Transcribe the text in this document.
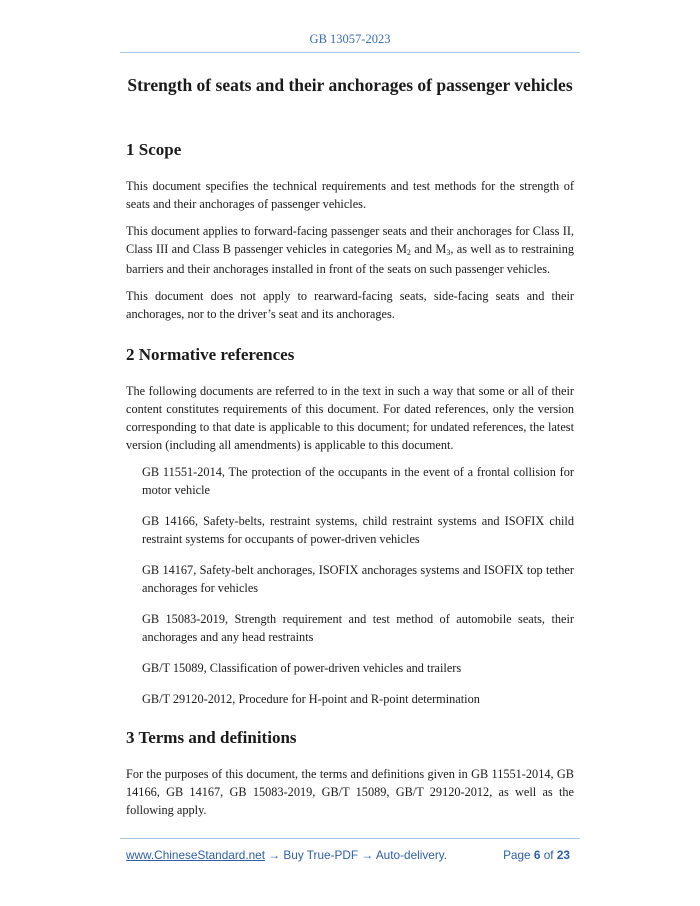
GB 13057-2023
Strength of seats and their anchorages of passenger vehicles
1 Scope

This document specifies the technical requirements and test methods for the strength of seats and their anchorages of passenger vehicles.

This document applies to forward-facing passenger seats and their anchorages for Class II, Class III and Class B passenger vehicles in categories $M_2$ and $M_3$, as well as to restraining barriers and their anchorages installed in front of the seats on such passenger vehicles.

This document does not apply to rearward-facing seats, side-facing seats and their anchorages, nor to the driver’s seat and its anchorages.

2 Normative references

The following documents are referred to in the text in such a way that some or all of their content constitutes requirements of this document. For dated references, only the version corresponding to that date is applicable to this document; for undated references, the latest version (including all amendments) is applicable to this document.

GB 11551-2014, The protection of the occupants in the event of a frontal collision for motor vehicle

GB 14166, Safety-belts, restraint systems, child restraint systems and ISOFIX child restraint systems for occupants of power-driven vehicles

GB 14167, Safety-belt anchorages, ISOFIX anchorages systems and ISOFIX top tether anchorages for vehicles

GB 15083-2019, Strength requirement and test method of automobile seats, their anchorages and any head restraints

GB/T 15089, Classification of power-driven vehicles and trailers

GB/T 29120-2012, Procedure for H-point and R-point determination

3 Terms and definitions

For the purposes of this document, the terms and definitions given in GB 11551-2014, GB 14166, GB 14167, GB 15083-2019, GB/T 15089, GB/T 29120-2012, as well as the following apply.

www.ChineseStandard.net → Buy True-PDF → Auto-delivery.	Page 6 of 23
